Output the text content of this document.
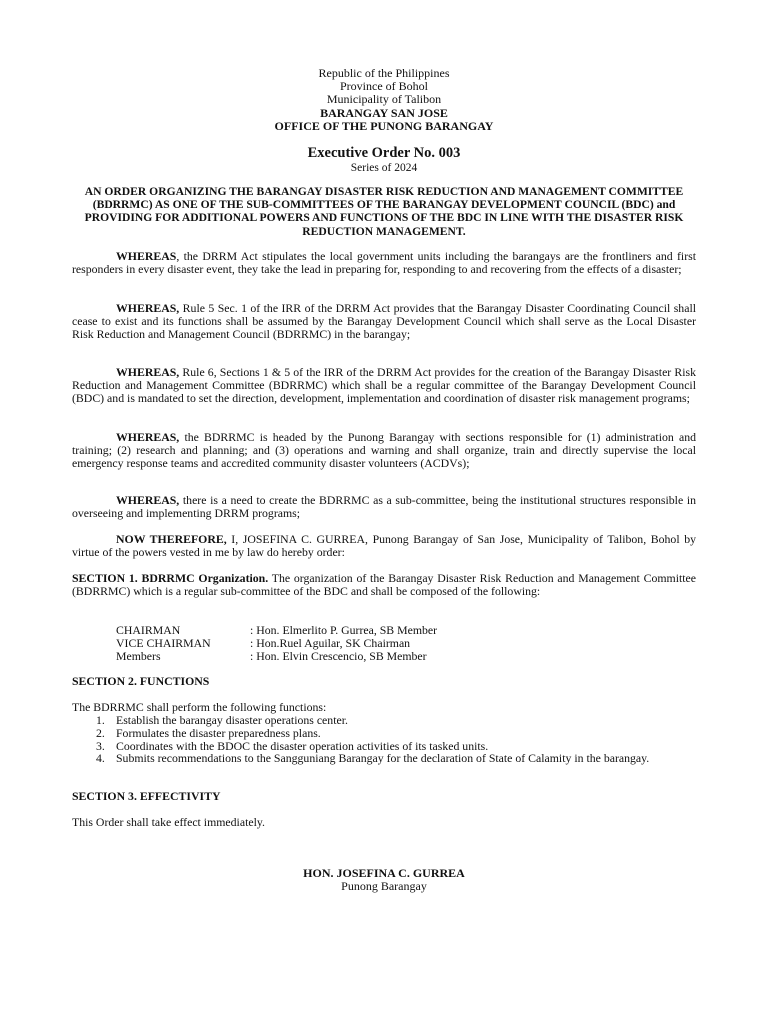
Republic of the Philippines
Province of Bohol
Municipality of Talibon
BARANGAY SAN JOSE
OFFICE OF THE PUNONG BARANGAY
Executive Order No. 003
Series of 2024
AN ORDER ORGANIZING THE BARANGAY DISASTER RISK REDUCTION AND MANAGEMENT COMMITTEE (BDRRMC) AS ONE OF THE SUB-COMMITTEES OF THE BARANGAY DEVELOPMENT COUNCIL (BDC) and PROVIDING FOR ADDITIONAL POWERS AND FUNCTIONS OF THE BDC IN LINE WITH THE DISASTER RISK REDUCTION MANAGEMENT.
WHEREAS, the DRRM Act stipulates the local government units including the barangays are the frontliners and first responders in every disaster event, they take the lead in preparing for, responding to and recovering from the effects of a disaster;
WHEREAS, Rule 5 Sec. 1 of the IRR of the DRRM Act provides that the Barangay Disaster Coordinating Council shall cease to exist and its functions shall be assumed by the Barangay Development Council which shall serve as the Local Disaster Risk Reduction and Management Council (BDRRMC) in the barangay;
WHEREAS, Rule 6, Sections 1 & 5 of the IRR of the DRRM Act provides for the creation of the Barangay Disaster Risk Reduction and Management Committee (BDRRMC) which shall be a regular committee of the Barangay Development Council (BDC) and is mandated to set the direction, development, implementation and coordination of disaster risk management programs;
WHEREAS, the BDRRMC is headed by the Punong Barangay with sections responsible for (1) administration and training; (2) research and planning; and (3) operations and warning and shall organize, train and directly supervise the local emergency response teams and accredited community disaster volunteers (ACDVs);
WHEREAS, there is a need to create the BDRRMC as a sub-committee, being the institutional structures responsible in overseeing and implementing DRRM programs;
NOW THEREFORE, I, JOSEFINA C. GURREA, Punong Barangay of San Jose, Municipality of Talibon, Bohol by virtue of the powers vested in me by law do hereby order:
SECTION 1. BDRRMC Organization. The organization of the Barangay Disaster Risk Reduction and Management Committee (BDRRMC) which is a regular sub-committee of the BDC and shall be composed of the following:
CHAIRMAN	: Hon. Elmerlito P. Gurrea, SB Member
VICE CHAIRMAN	: Hon.Ruel Aguilar, SK Chairman
Members	: Hon. Elvin Crescencio, SB Member
SECTION 2. FUNCTIONS
The BDRRMC shall perform the following functions:
1. Establish the barangay disaster operations center.
2. Formulates the disaster preparedness plans.
3. Coordinates with the BDOC the disaster operation activities of its tasked units.
4. Submits recommendations to the Sangguniang Barangay for the declaration of State of Calamity in the barangay.
SECTION 3. EFFECTIVITY
This Order shall take effect immediately.
HON. JOSEFINA C. GURREA
Punong Barangay
